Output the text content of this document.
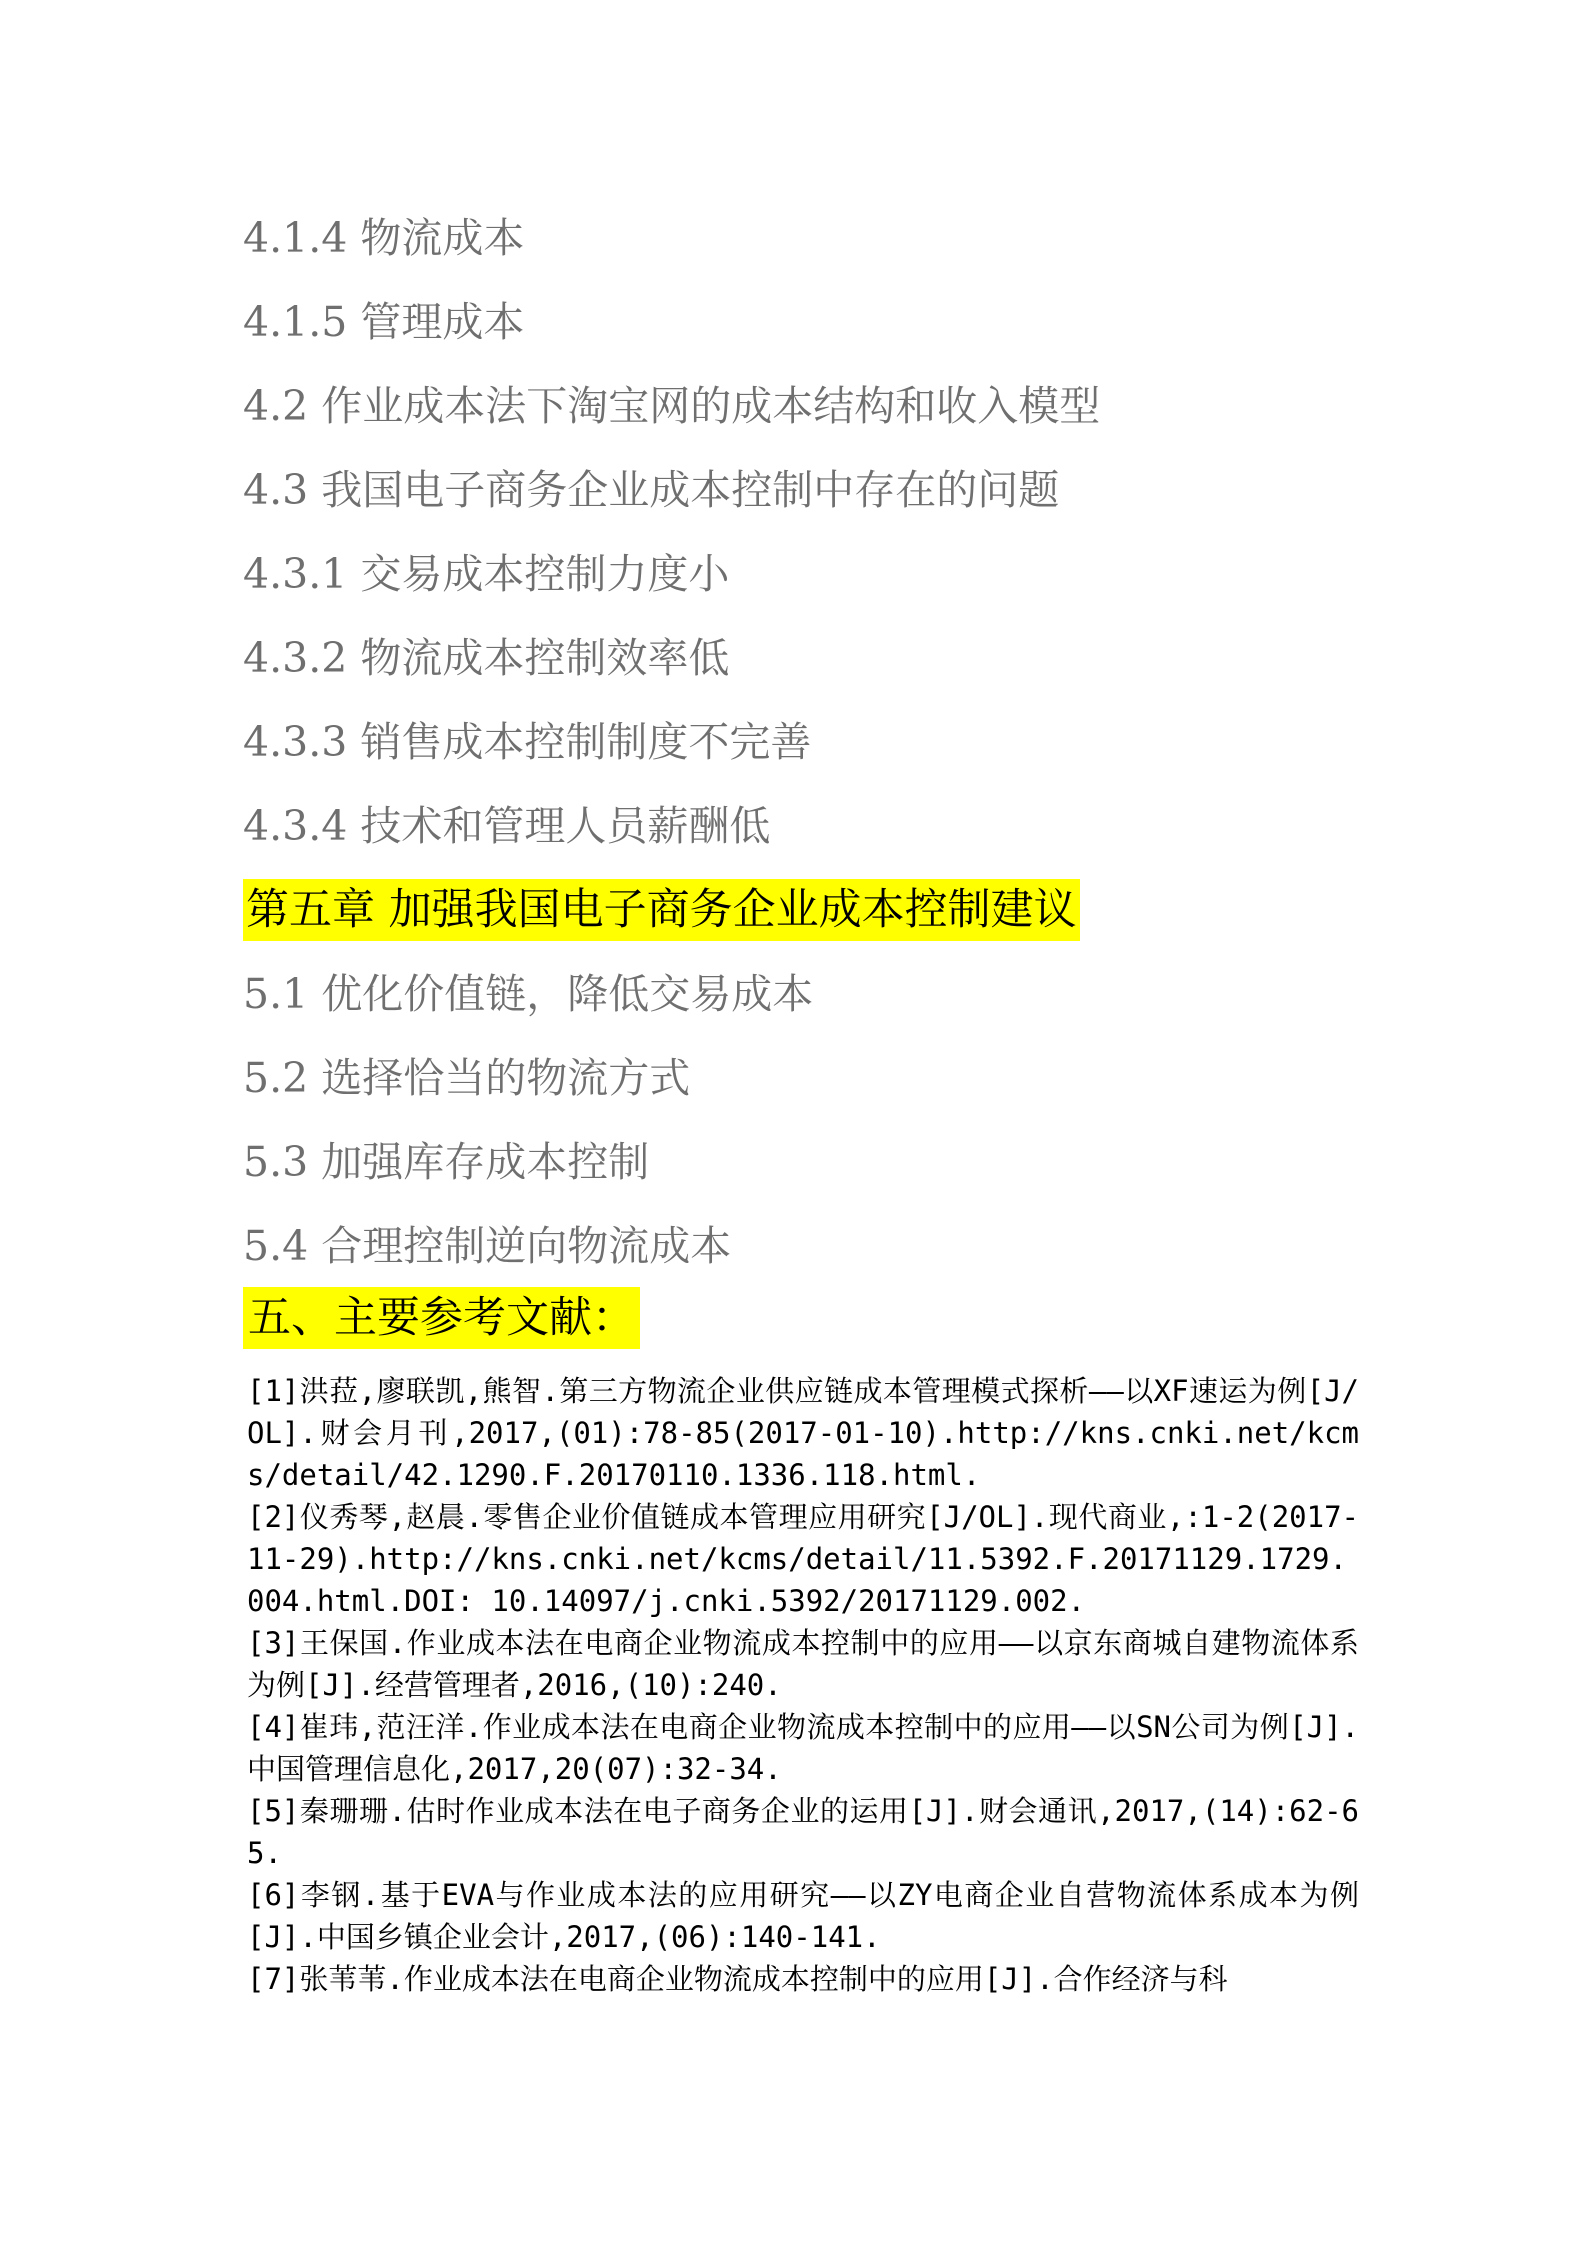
4.1.4 物流成本
4.1.5 管理成本
4.2 作业成本法下淘宝网的成本结构和收入模型
4.3 我国电子商务企业成本控制中存在的问题
4.3.1 交易成本控制力度小
4.3.2 物流成本控制效率低
4.3.3 销售成本控制制度不完善
4.3.4 技术和管理人员薪酬低
第五章 加强我国电子商务企业成本控制建议
5.1 优化价值链，降低交易成本
5.2 选择恰当的物流方式
5.3 加强库存成本控制
5.4 合理控制逆向物流成本
五、主要参考文献：

[1]洪菈,廖联凯,熊智.第三方物流企业供应链成本管理模式探析——以XF速运为例[J/OL].财会月刊,2017,(01):78-85(2017-01-10).http://kns.cnki.net/kcms/detail/42.1290.F.20170110.1336.118.html.

[2]仪秀琴,赵晨.零售企业价值链成本管理应用研究[J/OL].现代商业,:1-2(2017-11-29).http://kns.cnki.net/kcms/detail/11.5392.F.20171129.1729.004.html.DOI: 10.14097/j.cnki.5392/20171129.002.

[3]王保国.作业成本法在电商企业物流成本控制中的应用——以京东商城自建物流体系为例[J].经营管理者,2016,(10):240.

[4]崔玮,范汪洋.作业成本法在电商企业物流成本控制中的应用——以SN公司为例[J].中国管理信息化,2017,20(07):32-34.

[5]秦珊珊.估时作业成本法在电子商务企业的运用[J].财会通讯,2017,(14):62-65.

[6]李钢.基于EVA与作业成本法的应用研究——以ZY电商企业自营物流体系成本为例[J].中国乡镇企业会计,2017,(06):140-141.

[7]张苇苇.作业成本法在电商企业物流成本控制中的应用[J].合作经济与科
